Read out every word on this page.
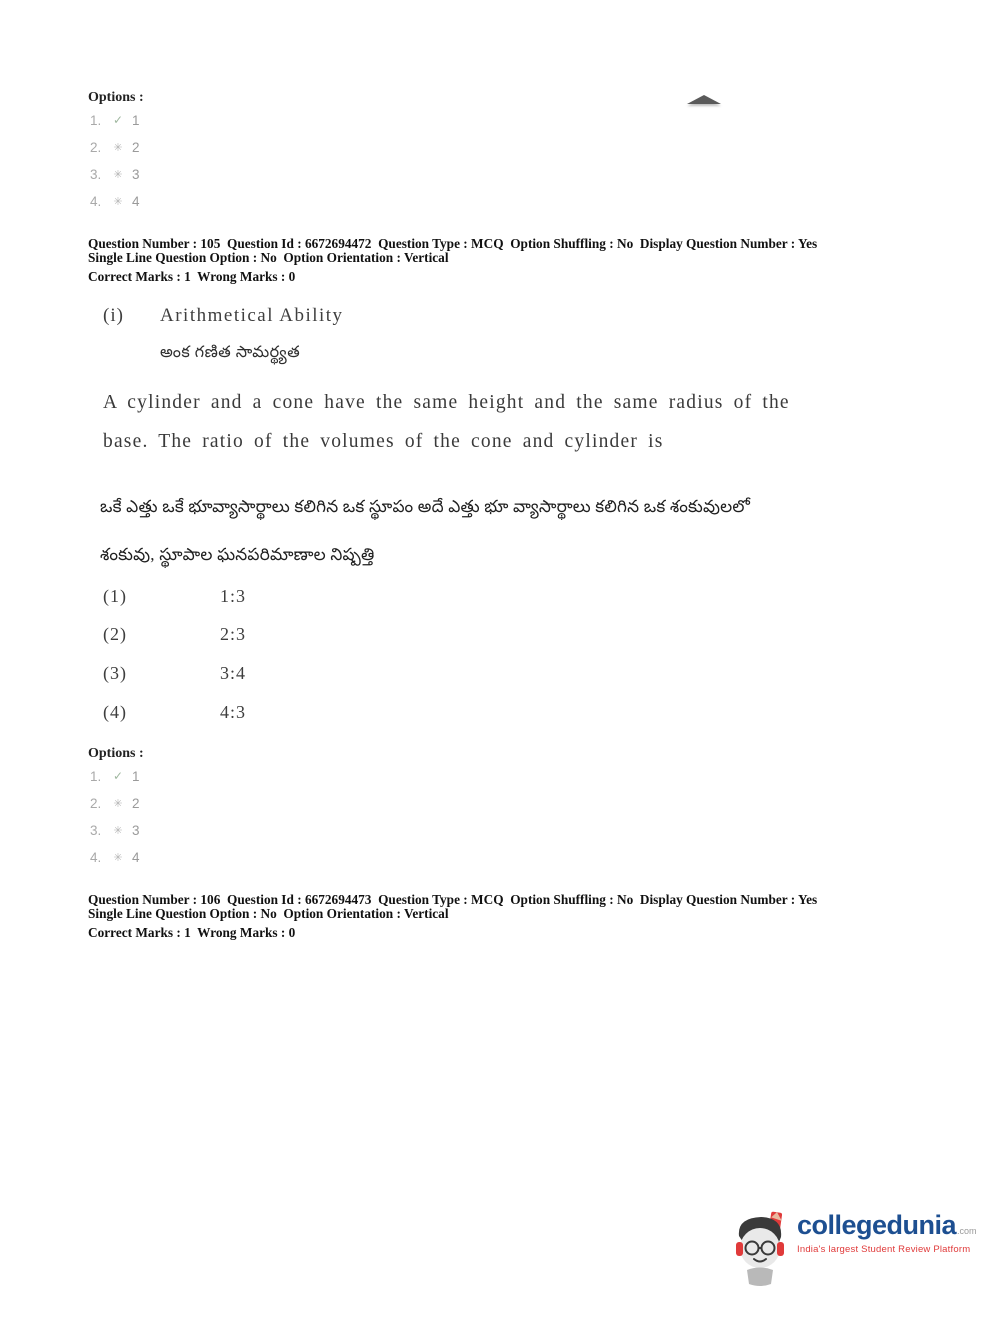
Options :
1. ✓ 1
2. ✳ 2
3. ✳ 3
4. ✳ 4
Question Number : 105  Question Id : 6672694472  Question Type : MCQ  Option Shuffling : No  Display Question Number : Yes
Single Line Question Option : No  Option Orientation : Vertical
Correct Marks : 1  Wrong Marks : 0
(i) Arithmetical Ability
అంక గణిత సామర్థ్యత
A cylinder and a cone have the same height and the same radius of the
base. The ratio of the volumes of the cone and cylinder is
ఒకే ఎత్తు ఒకే భూవ్యాసార్థాలు కలిగిన ఒక స్థూపం అదే ఎత్తు భూ వ్యాసార్థాలు కలిగిన ఒక శంకువులలో
శంకువు, స్థూపాల ఘనపరిమాణాల నిష్పత్తి
(1)	1:3
(2)	2:3
(3)	3:4
(4)	4:3
Options :
1. ✓ 1
2. ✳ 2
3. ✳ 3
4. ✳ 4
Question Number : 106  Question Id : 6672694473  Question Type : MCQ  Option Shuffling : No  Display Question Number : Yes
Single Line Question Option : No  Option Orientation : Vertical
Correct Marks : 1  Wrong Marks : 0
collegedunia .com
India's largest Student Review Platform
